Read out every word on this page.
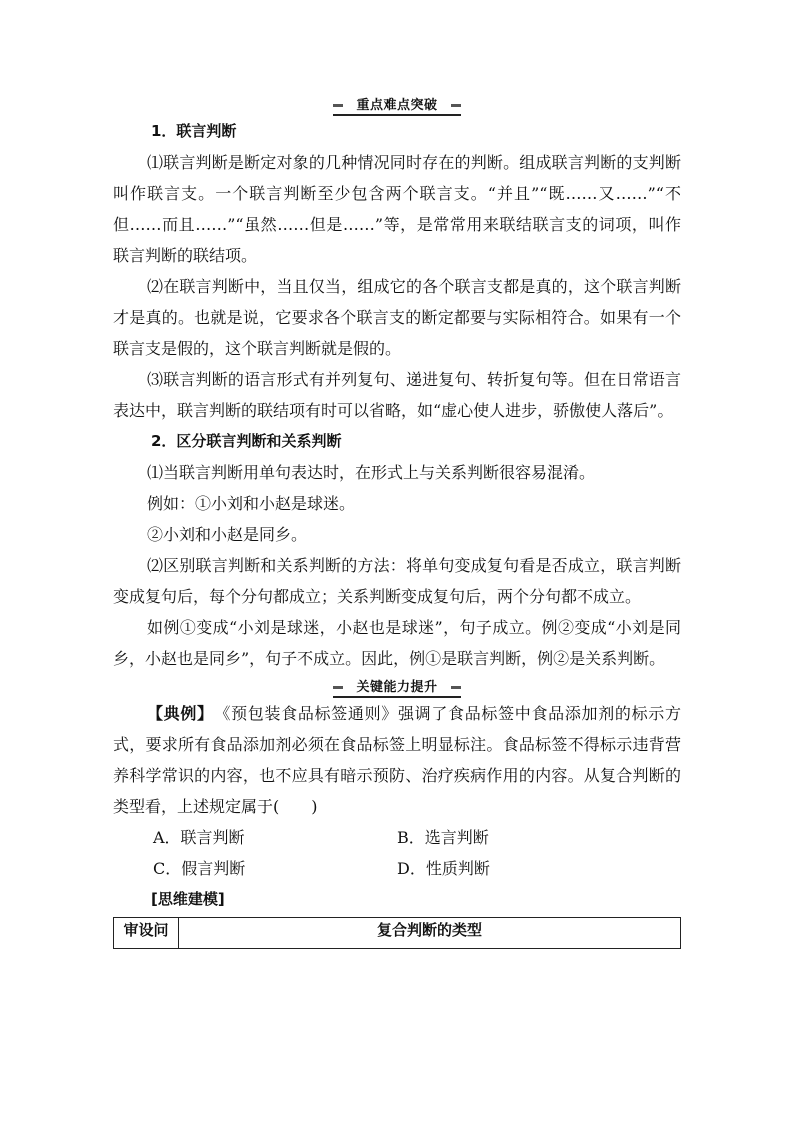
重点难点突破
1．联言判断

⑴联言判断是断定对象的几种情况同时存在的判断。组成联言判断的支判断叫作联言支。一个联言判断至少包含两个联言支。“并且”“既……又……”“不但……而且……”“虽然……但是……”等，是常常用来联结联言支的词项，叫作联言判断的联结项。

⑵在联言判断中，当且仅当，组成它的各个联言支都是真的，这个联言判断才是真的。也就是说，它要求各个联言支的断定都要与实际相符合。如果有一个联言支是假的，这个联言判断就是假的。

⑶联言判断的语言形式有并列复句、递进复句、转折复句等。但在日常语言表达中，联言判断的联结项有时可以省略，如“虚心使人进步，骄傲使人落后”。

2．区分联言判断和关系判断

⑴当联言判断用单句表达时，在形式上与关系判断很容易混淆。

例如：①小刘和小赵是球迷。

②小刘和小赵是同乡。

⑵区别联言判断和关系判断的方法：将单句变成复句看是否成立，联言判断变成复句后，每个分句都成立；关系判断变成复句后，两个分句都不成立。

如例①变成“小刘是球迷，小赵也是球迷”，句子成立。例②变成“小刘是同乡，小赵也是同乡”，句子不成立。因此，例①是联言判断，例②是关系判断。

关键能力提升

【典例】　 《预包装食品标签通则》强调了食品标签中食品添加剂的标示方式，要求所有食品添加剂必须在食品标签上明显标注。食品标签不得标示违背营养科学常识的内容，也不应具有暗示预防、治疗疾病作用的内容。从复合判断的类型看，上述规定属于(　　)

A．联言判断	B．选言判断
C．假言判断	D．性质判断
[思维建模]
审设问	复合判断的类型
